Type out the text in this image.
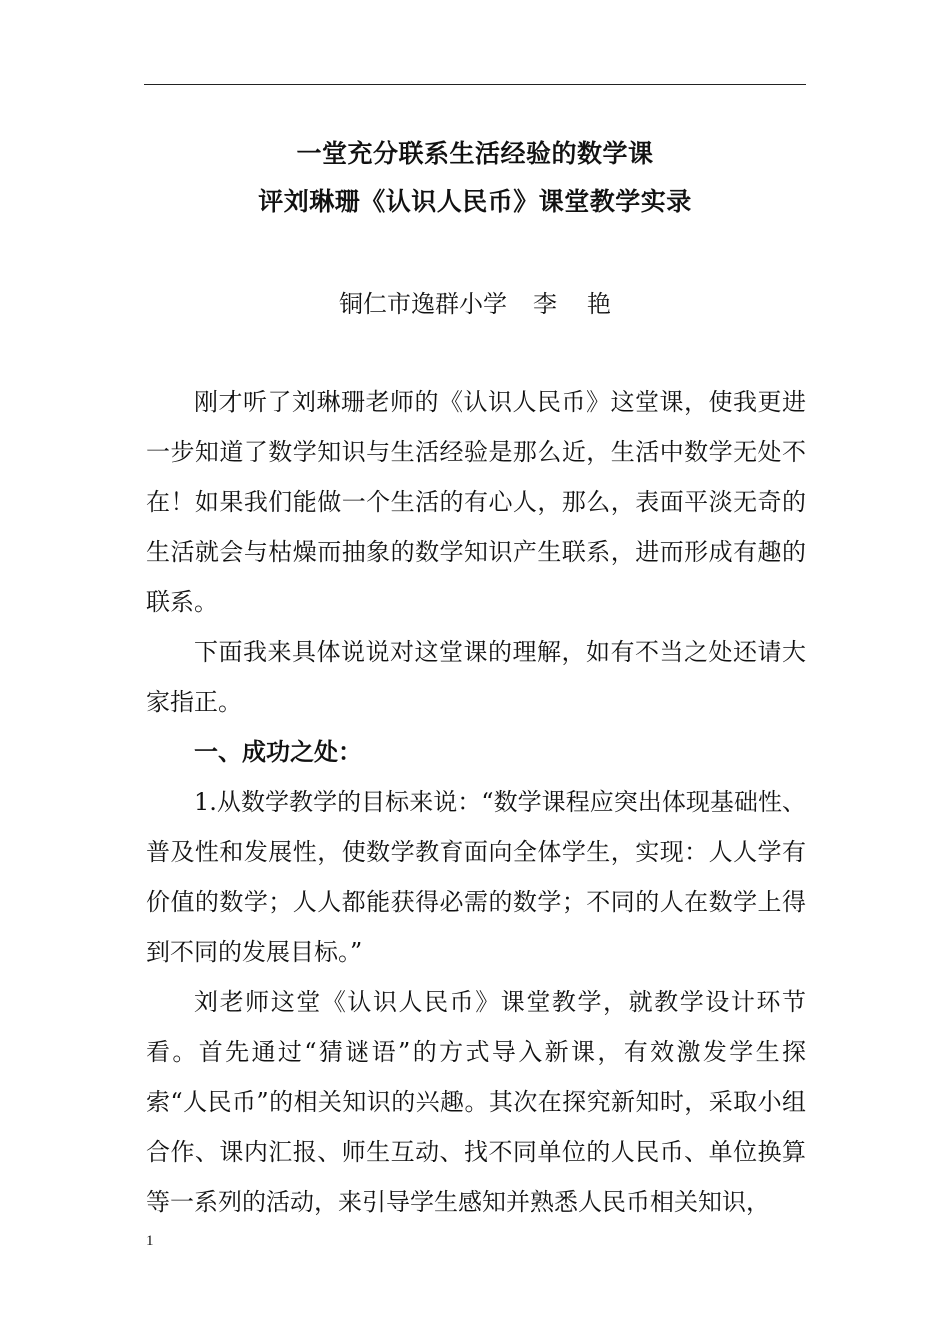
一堂充分联系生活经验的数学课
评刘琳珊《认识人民币》课堂教学实录
铜仁市逸群小学 李 艳

刚才听了刘琳珊老师的《认识人民币》这堂课，使我更进一步知道了数学知识与生活经验是那么近，生活中数学无处不在！如果我们能做一个生活的有心人，那么，表面平淡无奇的生活就会与枯燥而抽象的数学知识产生联系，进而形成有趣的联系。

下面我来具体说说对这堂课的理解，如有不当之处还请大家指正。

一、成功之处：

1.从数学教学的目标来说：“数学课程应突出体现基础性、普及性和发展性，使数学教育面向全体学生，实现：人人学有价值的数学；人人都能获得必需的数学；不同的人在数学上得到不同的发展目标。”

刘老师这堂《认识人民币》课堂教学，就教学设计环节看。首先通过“猜谜语”的方式导入新课，有效激发学生探索“人民币”的相关知识的兴趣。其次在探究新知时，采取小组合作、课内汇报、师生互动、找不同单位的人民币、单位换算等一系列的活动，来引导学生感知并熟悉人民币相关知识，

1
